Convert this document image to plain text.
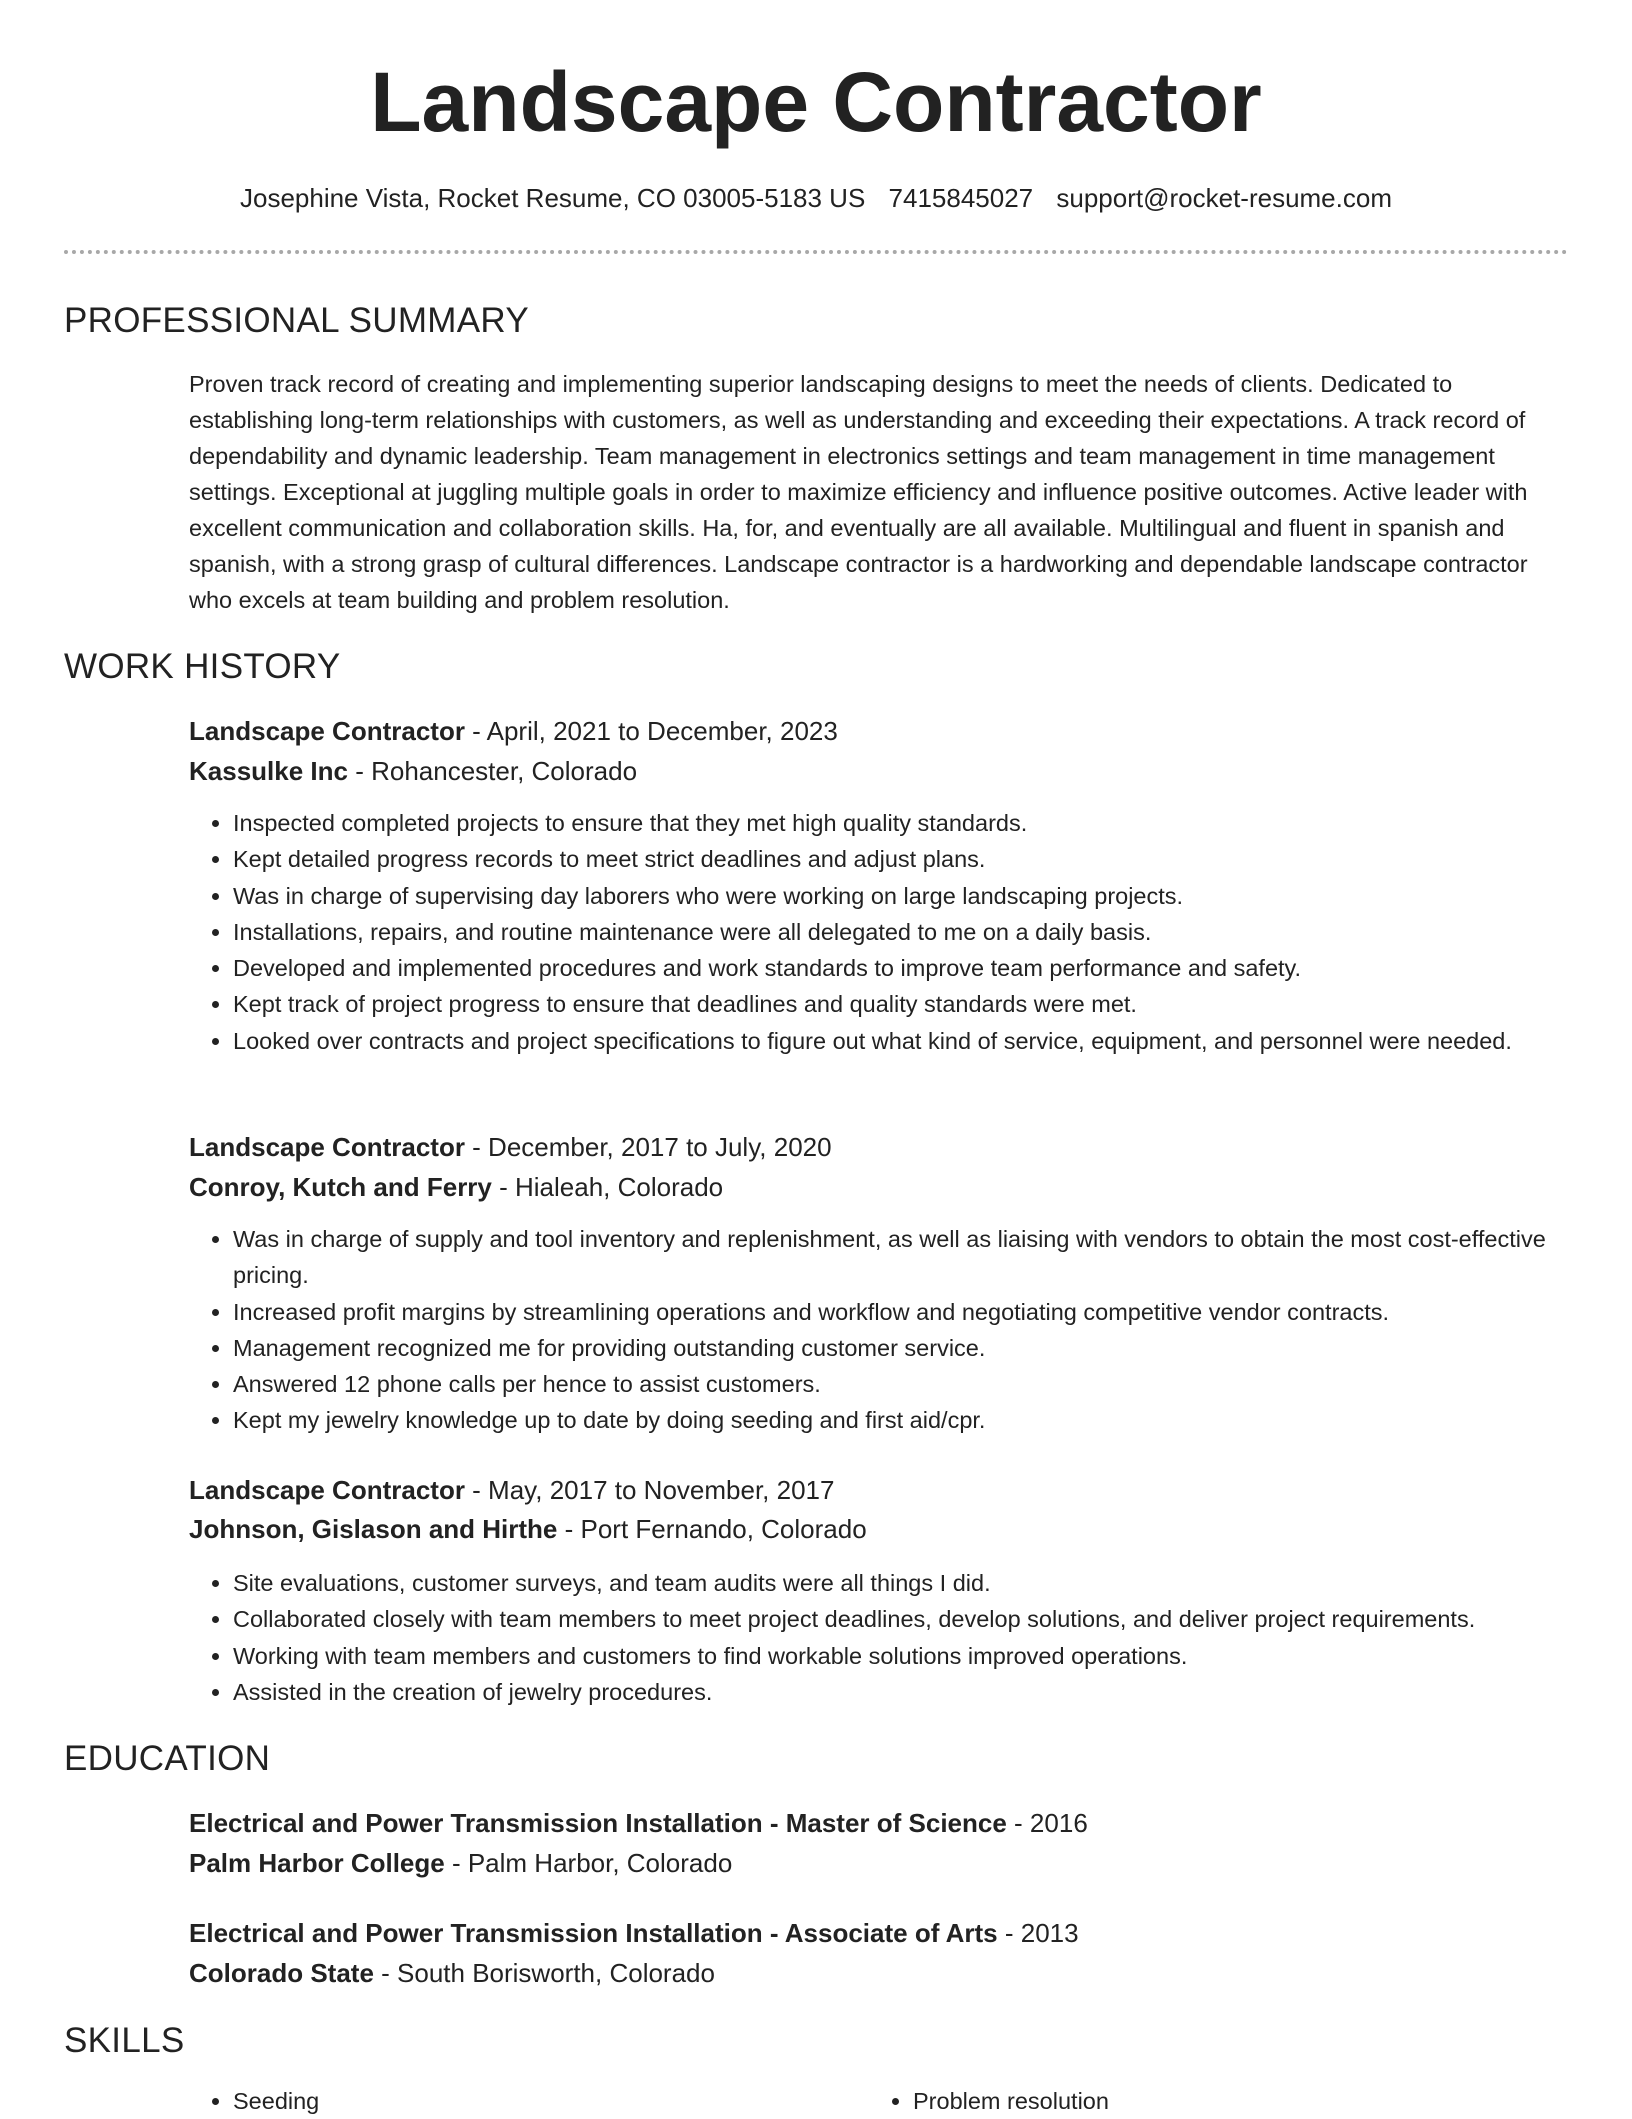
Landscape Contractor
Josephine Vista, Rocket Resume, CO 03005-5183 US 7415845027 support@rocket-resume.com
PROFESSIONAL SUMMARY

Proven track record of creating and implementing superior landscaping designs to meet the needs of clients. Dedicated to establishing long-term relationships with customers, as well as understanding and exceeding their expectations. A track record of dependability and dynamic leadership. Team management in electronics settings and team management in time management settings. Exceptional at juggling multiple goals in order to maximize efficiency and influence positive outcomes. Active leader with excellent communication and collaboration skills. Ha, for, and eventually are all available. Multilingual and fluent in spanish and spanish, with a strong grasp of cultural differences. Landscape contractor is a hardworking and dependable landscape contractor who excels at team building and problem resolution.

WORK HISTORY
Landscape Contractor - April, 2021 to December, 2023
Kassulke Inc - Rohancester, Colorado
• Inspected completed projects to ensure that they met high quality standards.
• Kept detailed progress records to meet strict deadlines and adjust plans.
• Was in charge of supervising day laborers who were working on large landscaping projects.
• Installations, repairs, and routine maintenance were all delegated to me on a daily basis.
• Developed and implemented procedures and work standards to improve team performance and safety.
• Kept track of project progress to ensure that deadlines and quality standards were met.
• Looked over contracts and project specifications to figure out what kind of service, equipment, and personnel were needed.
Landscape Contractor - December, 2017 to July, 2020
Conroy, Kutch and Ferry - Hialeah, Colorado
• Was in charge of supply and tool inventory and replenishment, as well as liaising with vendors to obtain the most cost-effective pricing.
• Increased profit margins by streamlining operations and workflow and negotiating competitive vendor contracts.
• Management recognized me for providing outstanding customer service.
• Answered 12 phone calls per hence to assist customers.
• Kept my jewelry knowledge up to date by doing seeding and first aid/cpr.
Landscape Contractor - May, 2017 to November, 2017
Johnson, Gislason and Hirthe - Port Fernando, Colorado
• Site evaluations, customer surveys, and team audits were all things I did.
• Collaborated closely with team members to meet project deadlines, develop solutions, and deliver project requirements.
• Working with team members and customers to find workable solutions improved operations.
• Assisted in the creation of jewelry procedures.
EDUCATION
Electrical and Power Transmission Installation - Master of Science - 2016
Palm Harbor College - Palm Harbor, Colorado
Electrical and Power Transmission Installation - Associate of Arts - 2013
Colorado State - South Borisworth, Colorado
SKILLS
• Seeding
•	Problem resolution
